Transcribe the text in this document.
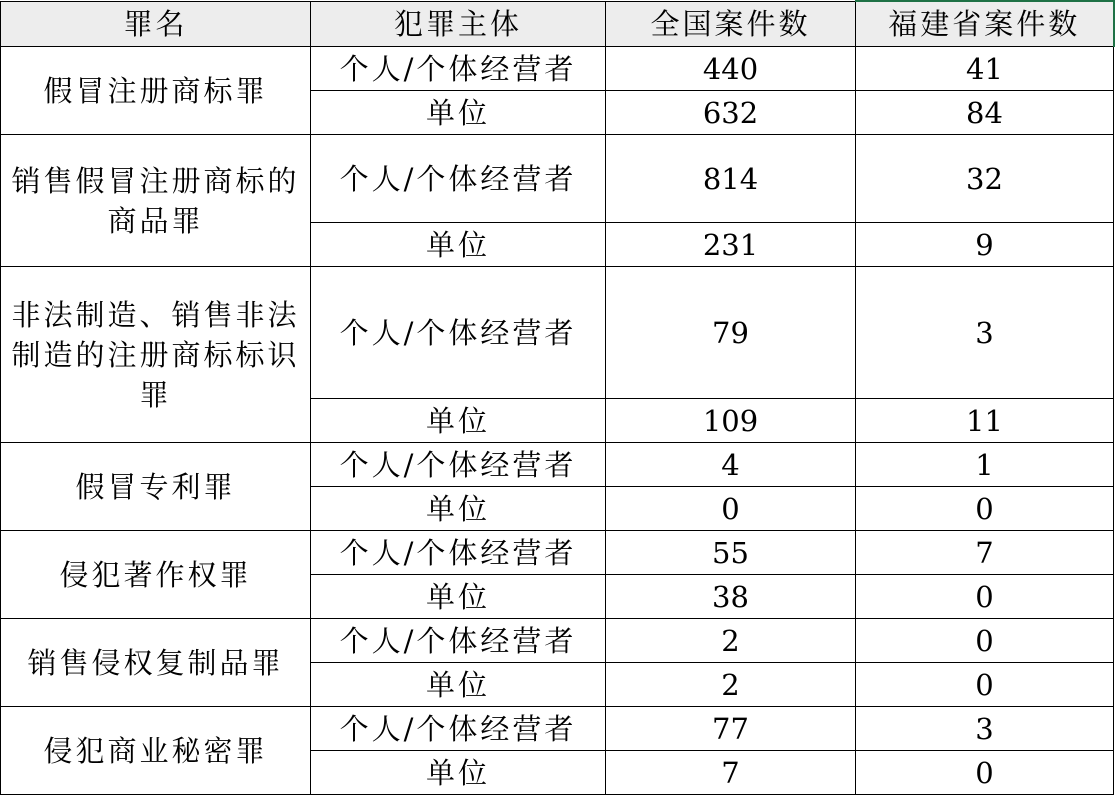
罪名	犯罪主体	全国案件数	福建省案件数
假冒注册商标罪	个人/个体经营者	440	41
	单位	632	84
销售假冒注册商标的商品罪	个人/个体经营者	814	32
	单位	231	9
非法制造、销售非法制造的注册商标标识罪	个人/个体经营者	79	3
	单位	109	11
假冒专利罪	个人/个体经营者	4	1
	单位	0	0
侵犯著作权罪	个人/个体经营者	55	7
	单位	38	0
销售侵权复制品罪	个人/个体经营者	2	0
	单位	2	0
侵犯商业秘密罪	个人/个体经营者	77	3
	单位	7	0
